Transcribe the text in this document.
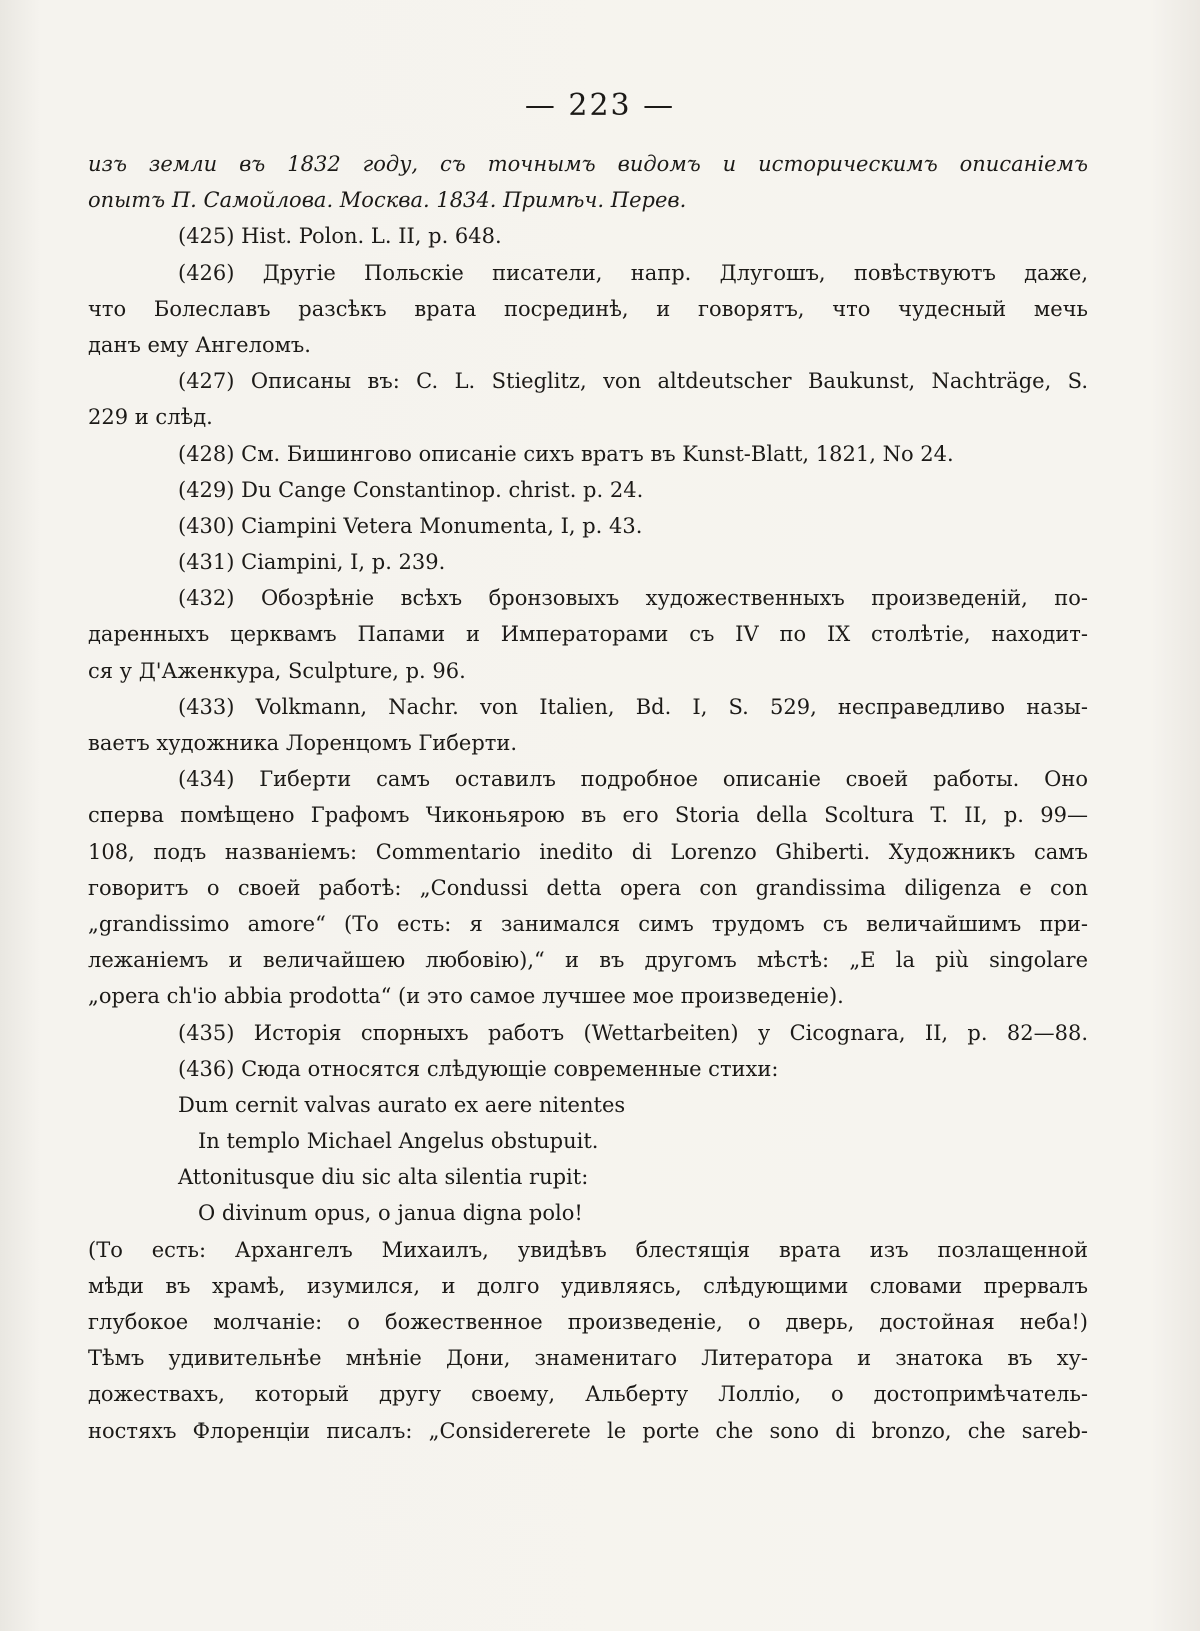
— 223 —
изъ земли въ 1832 году, съ точнымъ видомъ и историческимъ описаніемъ
опытъ П. Самойлова. Москва. 1834. Примѣч. Перев.
(425) Hist. Polon. L. II, p. 648.
(426) Другіе Польскіе писатели, напр. Длугошъ, повѣствуютъ даже,
что Болеславъ разсѣкъ врата посрединѣ, и говорятъ, что чудесный мечь
данъ ему Ангеломъ.
(427) Описаны въ: C. L. Stieglitz, von altdeutscher Baukunst, Nachträge, S.
229 и слѣд.
(428) См. Бишингово описаніе сихъ вратъ въ Kunst-Blatt, 1821, No 24.
(429) Du Cange Constantinop. christ. p. 24.
(430) Ciampini Vetera Monumenta, I, p. 43.
(431) Ciampini, I, p. 239.
(432) Обозрѣніе всѣхъ бронзовыхъ художественныхъ произведеній, по-
даренныхъ церквамъ Папами и Императорами съ IV по IX столѣтіе, находит-
ся у Д'Аженкура, Sculpture, p. 96.
(433) Volkmann, Nachr. von Italien, Bd. I, S. 529, несправедливо назы-
ваетъ художника Лоренцомъ Гиберти.
(434) Гиберти самъ оставилъ подробное описаніе своей работы. Оно
сперва помѣщено Графомъ Чиконьярою въ его Storia della Scoltura T. II, p. 99—
108, подъ названіемъ: Commentario inedito di Lorenzo Ghiberti. Художникъ самъ
говоритъ о своей работѣ: „Condussi detta opera con grandissima diligenza e con
„grandissimo amore“ (То есть: я занимался симъ трудомъ съ величайшимъ при-
лежаніемъ и величайшею любовію),“ и въ другомъ мѣстѣ: „E la più singolare
„opera ch'io abbia prodotta“ (и это самое лучшее мое произведеніе).
(435) Исторія спорныхъ работъ (Wettarbeiten) у Cicognara, II, p. 82—88.
(436) Сюда относятся слѣдующіе современные стихи:
Dum cernit valvas aurato ex aere nitentes
In templo Michael Angelus obstupuit.
Attonitusque diu sic alta silentia rupit:
O divinum opus, o janua digna polo!
(То есть: Архангелъ Михаилъ, увидѣвъ блестящія врата изъ позлащенной
мѣди въ храмѣ, изумился, и долго удивляясь, слѣдующими словами прервалъ
глубокое молчаніе: о божественное произведеніе, о дверь, достойная неба!)
Тѣмъ удивительнѣе мнѣніе Дони, знаменитаго Литератора и знатока въ ху-
дожествахъ, который другу своему, Альберту Лолліо, о достопримѣчатель-
ностяхъ Флоренціи писалъ: „Considererete le porte che sono di bronzo, che sareb-
